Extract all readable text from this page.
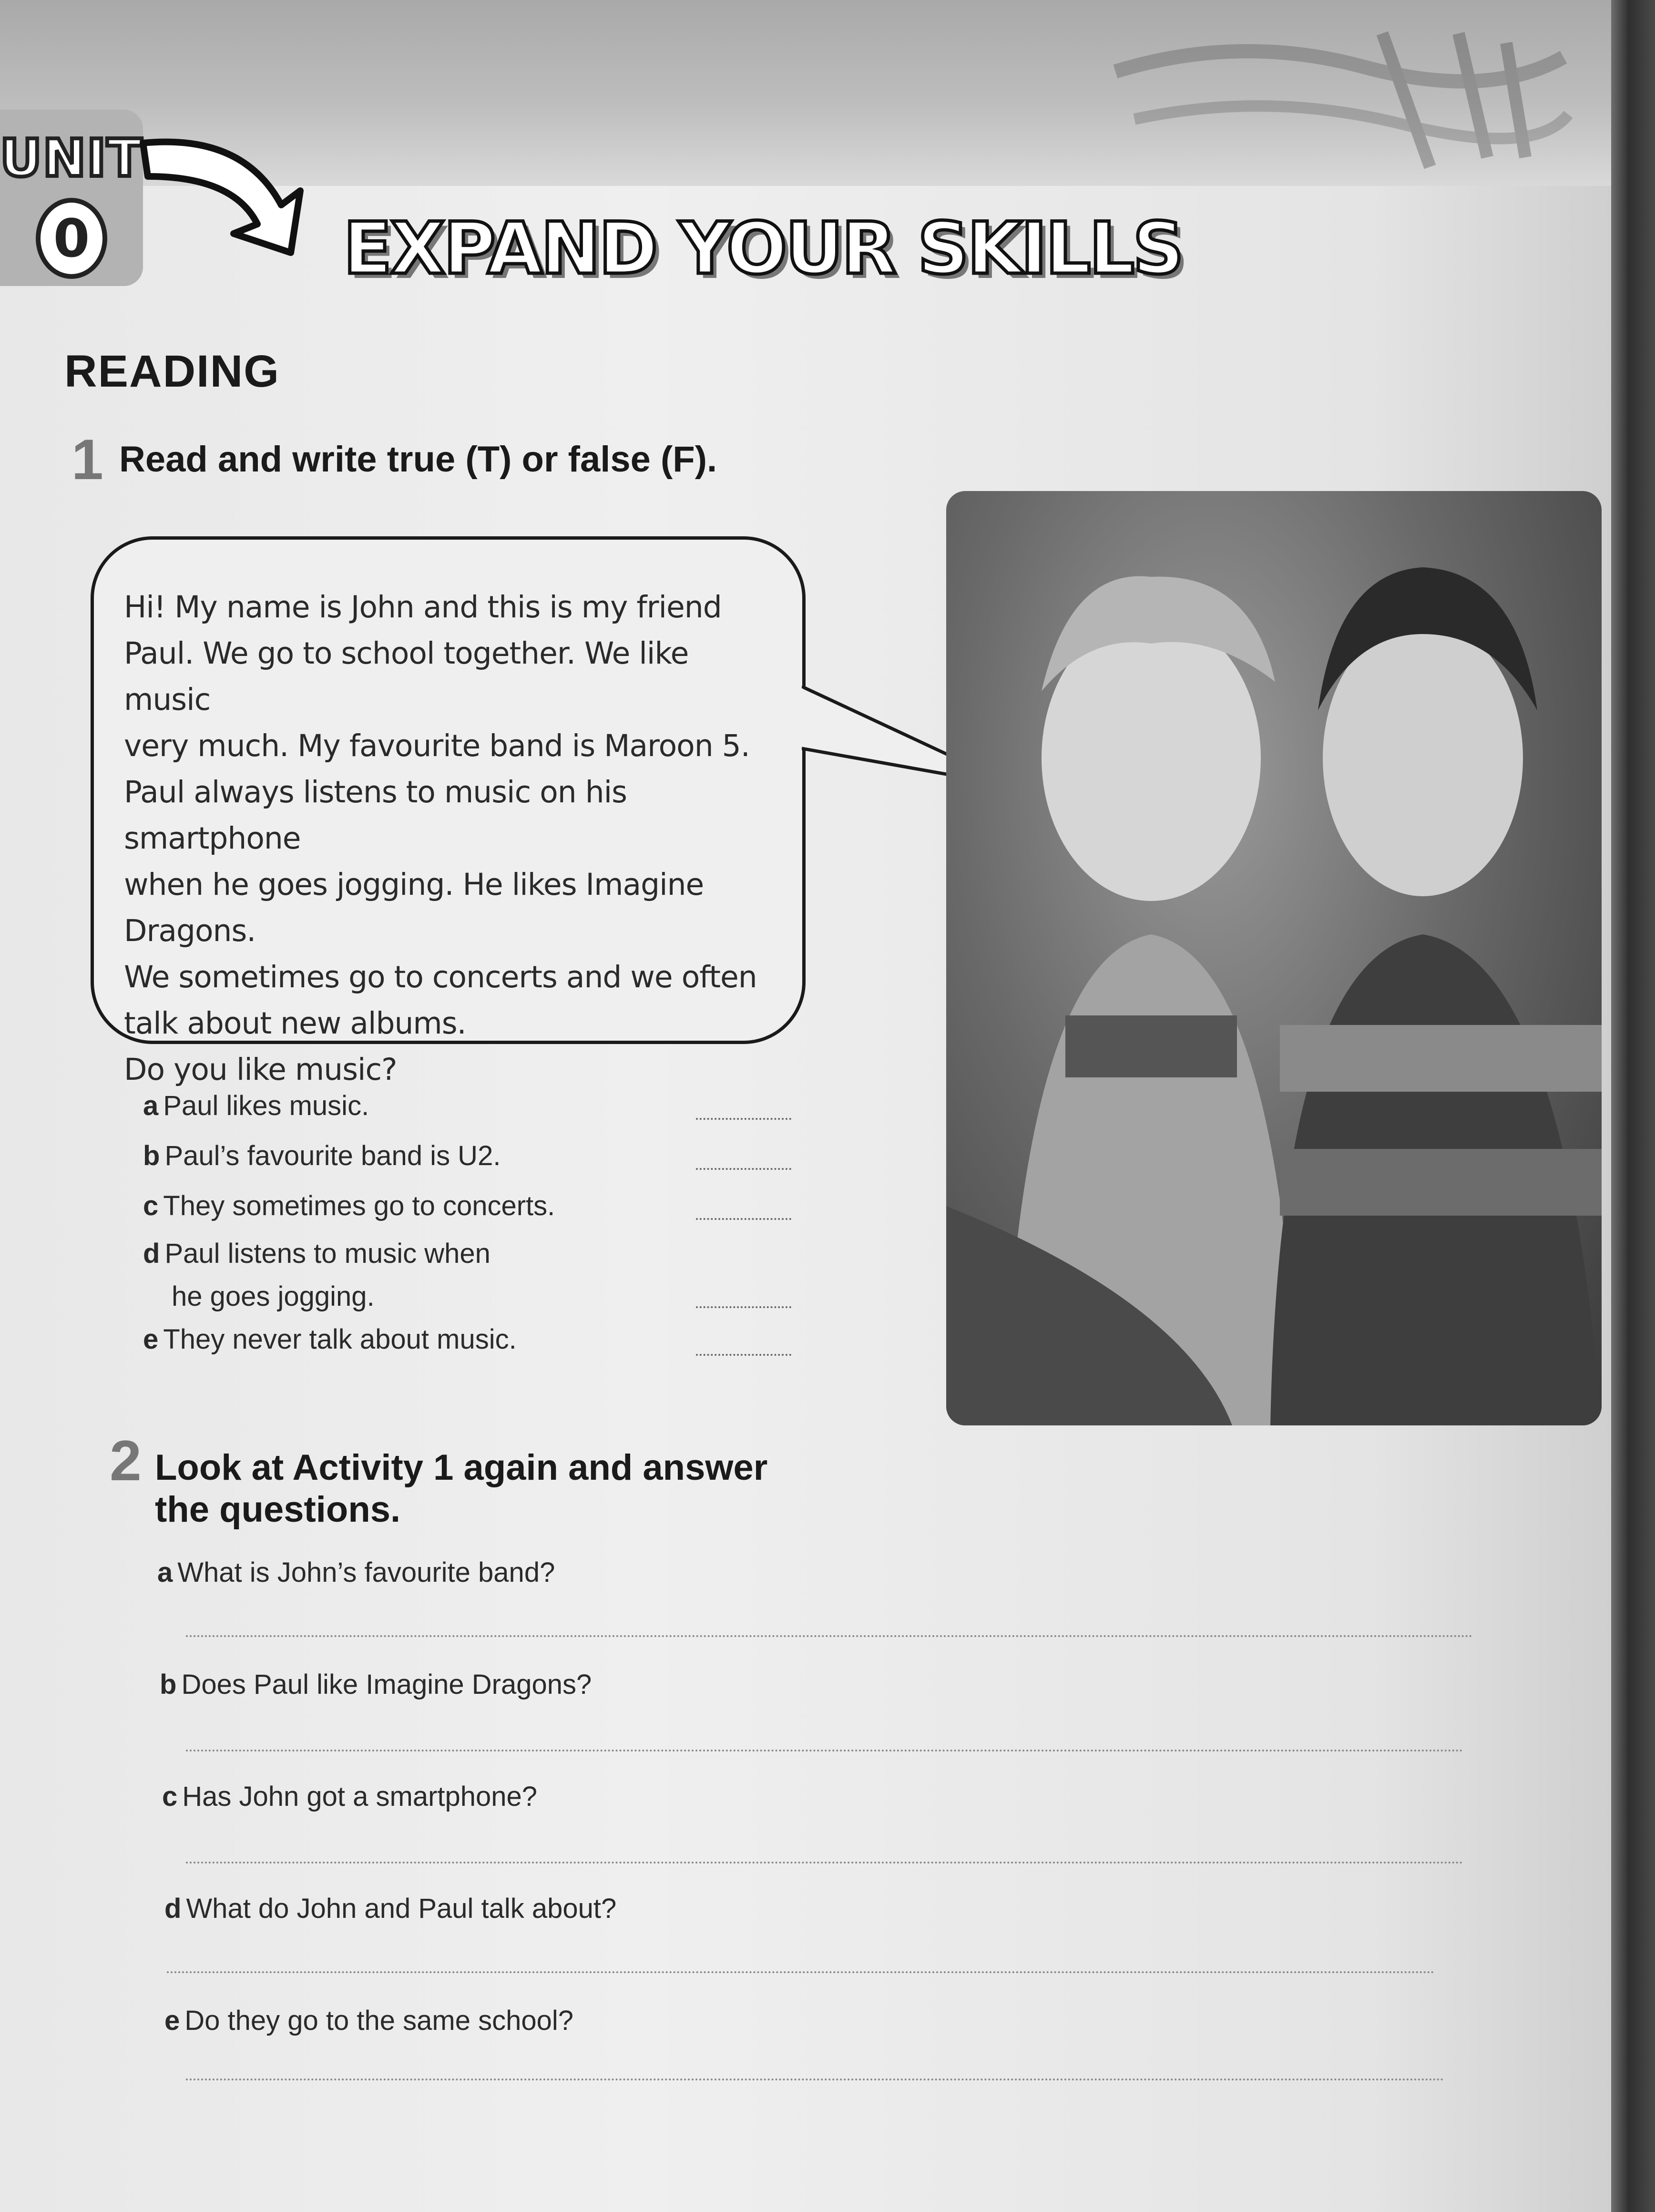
UNIT
0	EXPAND YOUR SKILLS
READING
1 Read and write true (T) or false (F).
Hi! My name is John and this is my friend
Paul. We go to school together. We like music
very much. My favourite band is Maroon 5.
Paul always listens to music on his smartphone
when he goes jogging. He likes Imagine
Dragons.
We sometimes go to concerts and we often
talk about new albums.
Do you like music?
a Paul likes music.
b Paul’s favourite band is U2.
c They sometimes go to concerts.
d Paul listens to music when
he goes jogging.
e They never talk about music.
2 Look at Activity 1 again and answer
the questions.
a What is John’s favourite band?
b Does Paul like Imagine Dragons?
c Has John got a smartphone?
d What do John and Paul talk about?
e Do they go to the same school?
